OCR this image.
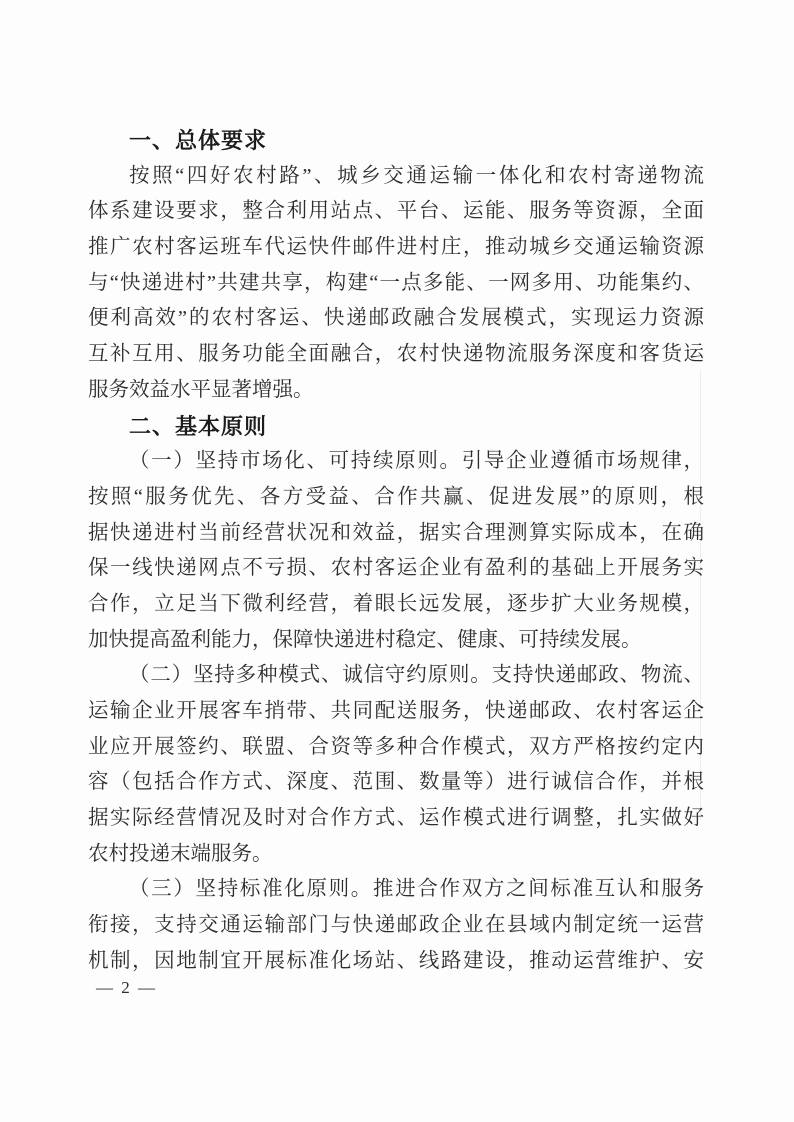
一、总体要求
按照“四好农村路”、城乡交通运输一体化和农村寄递物流
体系建设要求，整合利用站点、平台、运能、服务等资源，全面
推广农村客运班车代运快件邮件进村庄，推动城乡交通运输资源
与“快递进村”共建共享，构建“一点多能、一网多用、功能集约、
便利高效”的农村客运、快递邮政融合发展模式，实现运力资源
互补互用、服务功能全面融合，农村快递物流服务深度和客货运
服务效益水平显著增强。
二、基本原则
（一）坚持市场化、可持续原则。引导企业遵循市场规律，
按照“服务优先、各方受益、合作共赢、促进发展”的原则，根
据快递进村当前经营状况和效益，据实合理测算实际成本，在确
保一线快递网点不亏损、农村客运企业有盈利的基础上开展务实
合作，立足当下微利经营，着眼长远发展，逐步扩大业务规模，
加快提高盈利能力，保障快递进村稳定、健康、可持续发展。
（二）坚持多种模式、诚信守约原则。支持快递邮政、物流、
运输企业开展客车捎带、共同配送服务，快递邮政、农村客运企
业应开展签约、联盟、合资等多种合作模式，双方严格按约定内
容（包括合作方式、深度、范围、数量等）进行诚信合作，并根
据实际经营情况及时对合作方式、运作模式进行调整，扎实做好
农村投递末端服务。
（三）坚持标准化原则。推进合作双方之间标准互认和服务
衔接，支持交通运输部门与快递邮政企业在县域内制定统一运营
机制，因地制宜开展标准化场站、线路建设，推动运营维护、安
— 2 —
